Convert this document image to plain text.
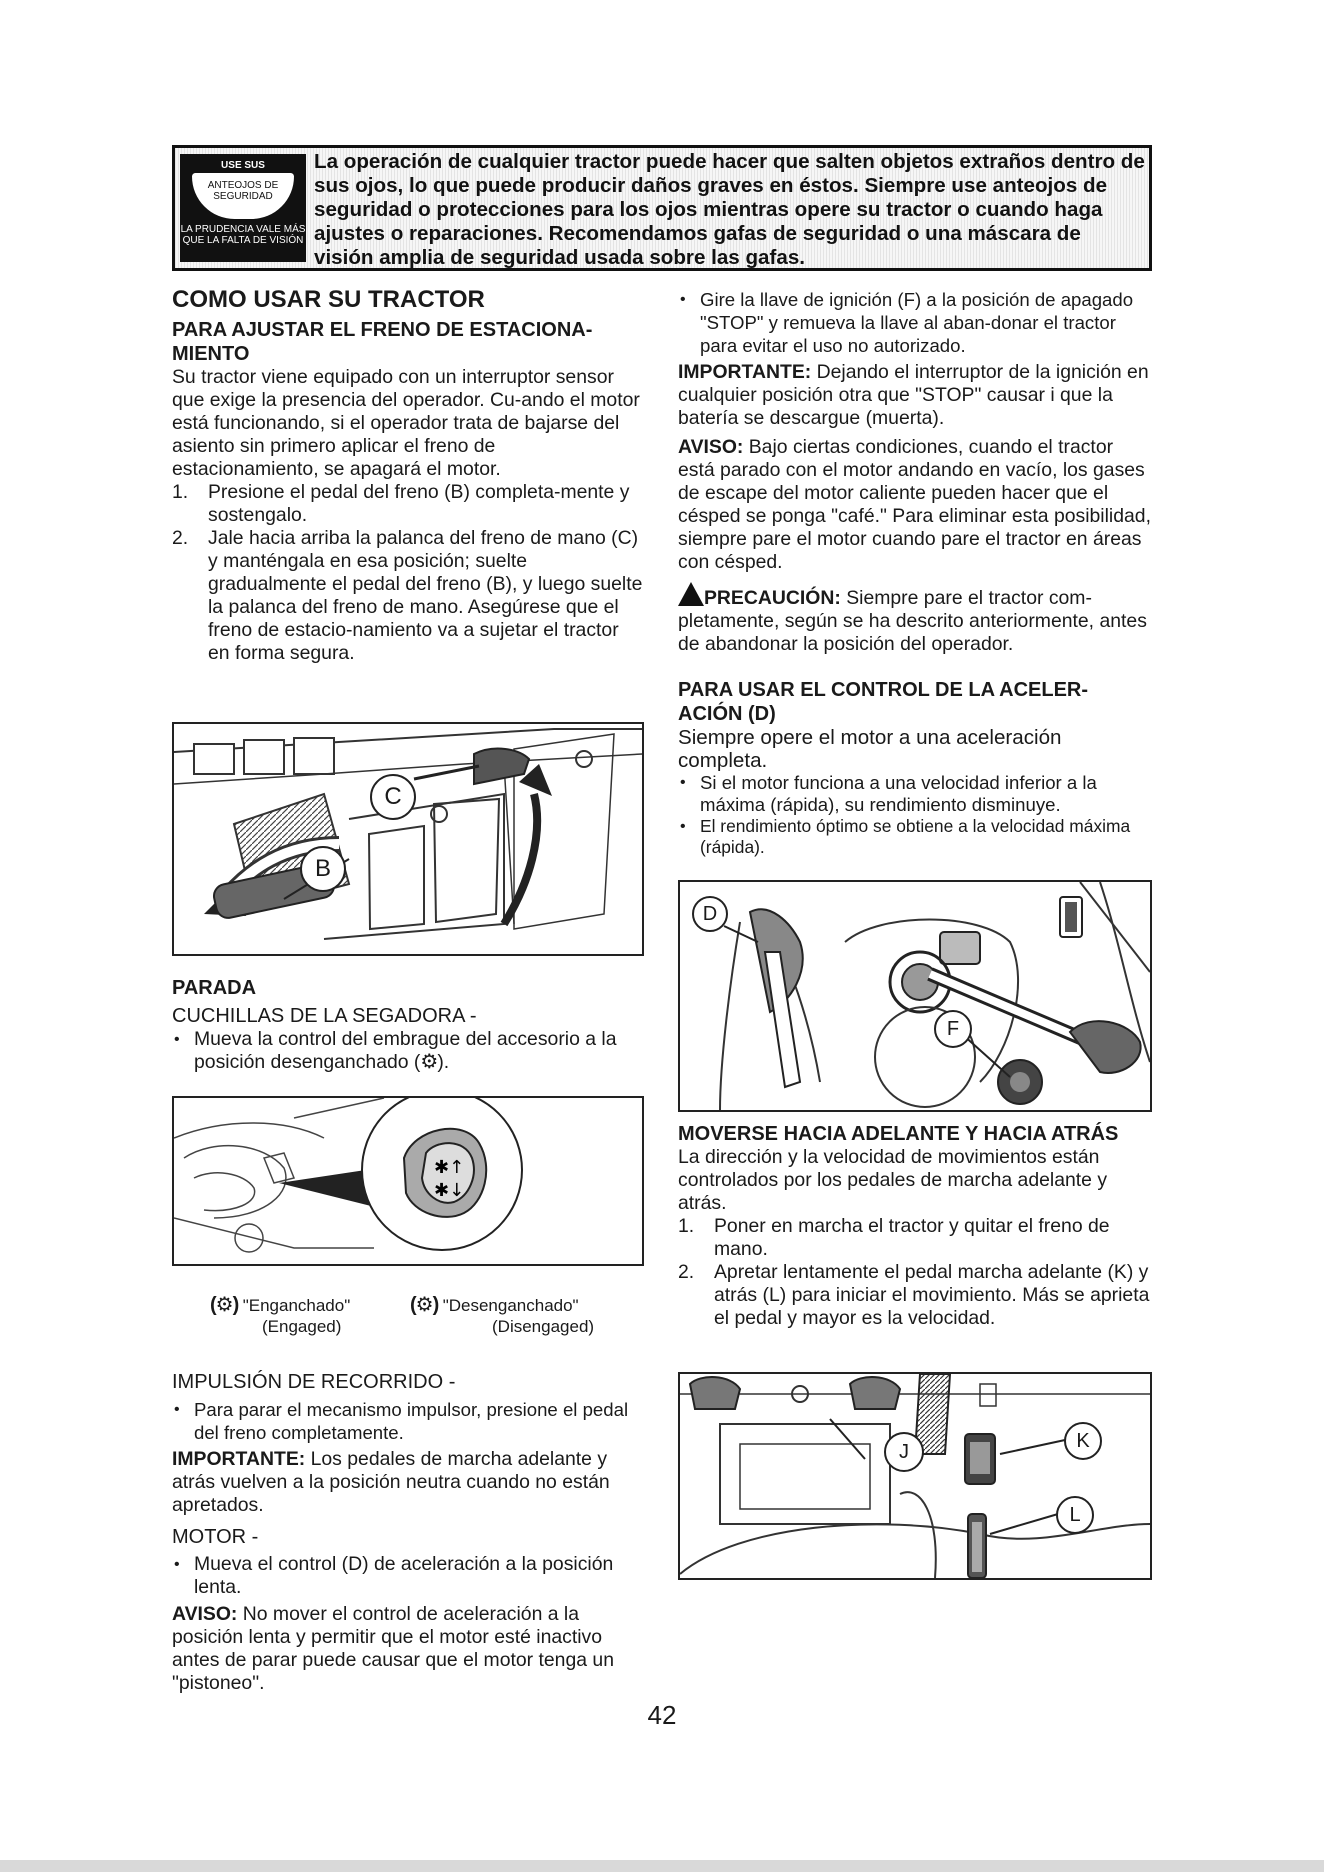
USE SUS
ANTEOJOS DE SEGURIDAD
LA PRUDENCIA VALE MÁS QUE LA FALTA DE VISIÓN
La operación de cualquier tractor puede hacer que salten objetos extraños dentro de sus ojos, lo que puede producir daños graves en éstos. Siempre use anteojos de seguridad o protecciones para los ojos mientras opere su tractor o cuando haga ajustes o reparaciones. Recomendamos gafas de seguridad o una máscara de visión amplia de seguridad usada sobre las gafas.
COMO USAR SU TRACTOR
PARA AJUSTAR EL FRENO DE ESTACIONA-MIENTO

Su tractor viene equipado con un interruptor sensor que exige la presencia del operador. Cu-ando el motor está funcionando, si el operador trata de bajarse del asiento sin primero aplicar el freno de estacionamiento, se apagará el motor.

1. Presione el pedal del freno (B) completa-mente y sostengalo.
2. Jale hacia arriba la palanca del freno de mano (C) y manténgala en esa posición; suelte gradualmente el pedal del freno (B), y luego suelte la palanca del freno de mano. Asegúrese que el freno de estacio-namiento va a sujetar el tractor en forma segura.
C
B
PARADA
CUCHILLAS DE LA SEGADORA -
• Mueva la control del embrague del accesorio a la posición desenganchado (⚙).
✱↑
✱↓
(⚙) "Enganchado"
(Engaged)
(⚙) "Desenganchado"
(Disengaged)
IMPULSIÓN DE RECORRIDO -
• Para parar el mecanismo impulsor, presione el pedal del freno completamente.

IMPORTANTE: Los pedales de marcha adelante y atrás vuelven a la posición neutra cuando no están apretados.

MOTOR -
• Mueva el control (D) de aceleración a la posición lenta.

AVISO: No mover el control de aceleración a la posición lenta y permitir que el motor esté inactivo antes de parar puede causar que el motor tenga un "pistoneo".

• Gire la llave de ignición (F) a la posición de apagado "STOP" y remueva la llave al aban-donar el tractor para evitar el uso no autorizado.

IMPORTANTE: Dejando el interruptor de la ignición en cualquier posición otra que "STOP" causar i que la batería se descargue (muerta).

AVISO: Bajo ciertas condiciones, cuando el tractor está parado con el motor andando en vacío, los gases de escape del motor caliente pueden hacer que el césped se ponga "café." Para eliminar esta posibilidad, siempre pare el motor cuando pare el tractor en áreas con césped.

PRECAUCIÓN: Siempre pare el tractor com-pletamente, según se ha descrito anteriormente, antes de abandonar la posición del operador.

PARA USAR EL CONTROL DE LA ACELER-ACIÓN (D)

Siempre opere el motor a una aceleración completa.

• Si el motor funciona a una velocidad inferior a la máxima (rápida), su rendimiento disminuye.
• El rendimiento óptimo se obtiene a la velocidad máxima (rápida).
D
F
MOVERSE HACIA ADELANTE Y HACIA ATRÁS

La dirección y la velocidad de movimientos están controlados por los pedales de marcha adelante y atrás.

1. Poner en marcha el tractor y quitar el freno de mano.
2. Apretar lentamente el pedal marcha adelante (K) y atrás (L) para iniciar el movimiento. Más se aprieta el pedal y mayor es la velocidad.
J	K
L
42
